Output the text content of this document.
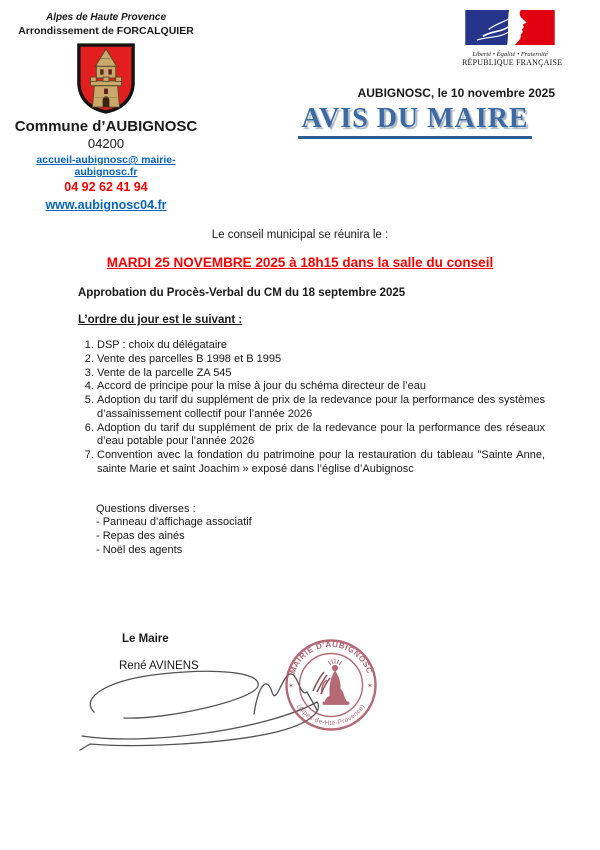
Alpes de Haute Provence
Arrondissement de FORCALQUIER
Commune d’AUBIGNOSC
04200
accueil-aubignosc@ mairie-aubignosc.fr
04 92 62 41 94
www.aubignosc04.fr
Liberté • Égalité • Fraternité
RÉPUBLIQUE FRANÇAISE
AUBIGNOSC, le 10 novembre 2025
AVIS DU MAIRE

Le conseil municipal se réunira le :

MARDI 25 NOVEMBRE 2025 à 18h15 dans la salle du conseil

Approbation du Procès-Verbal du CM du 18 septembre 2025

L’ordre du jour est le suivant :

1. DSP : choix du délégataire
2. Vente des parcelles B 1998 et B 1995
3. Vente de la parcelle ZA 545
4. Accord de principe pour la mise à jour du schéma directeur de l’eau
5. Adoption du tarif du supplément de prix de la redevance pour la performance des systèmes d’assainissement collectif pour l’année 2026
6. Adoption du tarif du supplément de prix de la redevance pour la performance des réseaux d’eau potable pour l’année 2026
7. Convention avec la fondation du patrimoine pour la restauration du tableau "Sainte Anne, sainte Marie et saint Joachim » exposé dans l’église d’Aubignosc
Questions diverses :
- Panneau d’affichage associatif
- Repas des ainés
- Noël des agents
Le Maire
René AVINENS	MAIRIE D'AUBIGNOSC
(Alpes-de-Hte-Provence)
✶	✶
